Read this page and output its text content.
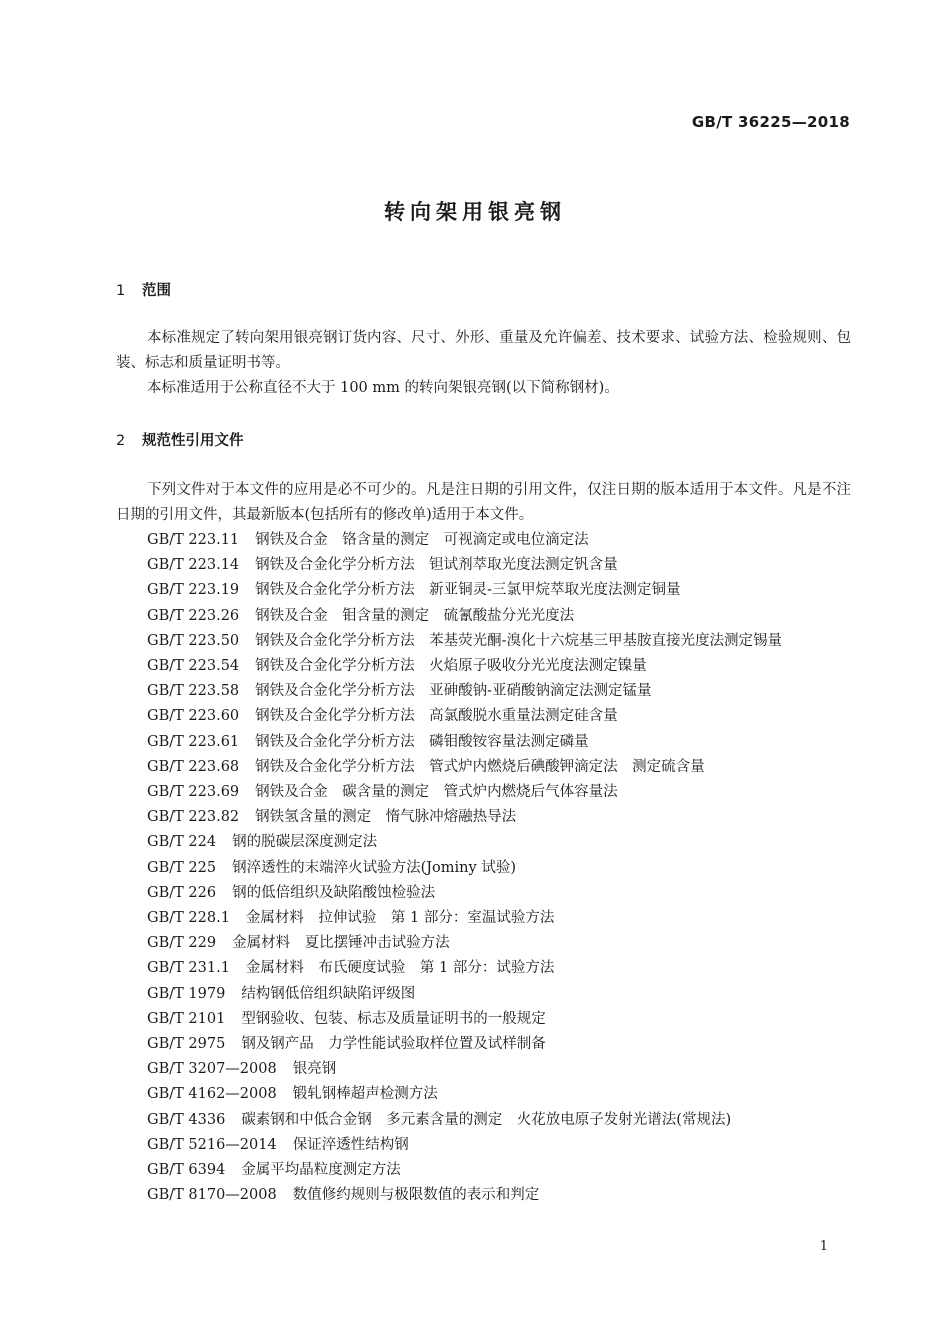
GB/T 36225—2018
转向架用银亮钢
1 范围

本标准规定了转向架用银亮钢订货内容、尺寸、外形、重量及允许偏差、技术要求、试验方法、检验规则、包装、标志和质量证明书等。

本标准适用于公称直径不大于 100 mm 的转向架银亮钢(以下简称钢材)。

2 规范性引用文件

下列文件对于本文件的应用是必不可少的。凡是注日期的引用文件，仅注日期的版本适用于本文件。凡是不注日期的引用文件，其最新版本(包括所有的修改单)适用于本文件。

GB/T 223.11 钢铁及合金　铬含量的测定　可视滴定或电位滴定法
GB/T 223.14 钢铁及合金化学分析方法　钽试剂萃取光度法测定钒含量
GB/T 223.19 钢铁及合金化学分析方法　新亚铜灵-三氯甲烷萃取光度法测定铜量
GB/T 223.26 钢铁及合金　钼含量的测定　硫氰酸盐分光光度法
GB/T 223.50 钢铁及合金化学分析方法　苯基荧光酮-溴化十六烷基三甲基胺直接光度法测定锡量
GB/T 223.54 钢铁及合金化学分析方法　火焰原子吸收分光光度法测定镍量
GB/T 223.58 钢铁及合金化学分析方法　亚砷酸钠-亚硝酸钠滴定法测定锰量
GB/T 223.60 钢铁及合金化学分析方法　高氯酸脱水重量法测定硅含量
GB/T 223.61 钢铁及合金化学分析方法　磷钼酸铵容量法测定磷量
GB/T 223.68 钢铁及合金化学分析方法　管式炉内燃烧后碘酸钾滴定法　测定硫含量
GB/T 223.69 钢铁及合金　碳含量的测定　管式炉内燃烧后气体容量法
GB/T 223.82 钢铁氢含量的测定　惰气脉冲熔融热导法
GB/T 224 钢的脱碳层深度测定法
GB/T 225 钢淬透性的末端淬火试验方法(Jominy 试验)
GB/T 226 钢的低倍组织及缺陷酸蚀检验法
GB/T 228.1 金属材料　拉伸试验　第 1 部分：室温试验方法
GB/T 229 金属材料　夏比摆锤冲击试验方法
GB/T 231.1 金属材料　布氏硬度试验　第 1 部分：试验方法
GB/T 1979 结构钢低倍组织缺陷评级图
GB/T 2101 型钢验收、包装、标志及质量证明书的一般规定
GB/T 2975 钢及钢产品　力学性能试验取样位置及试样制备
GB/T 3207—2008 银亮钢
GB/T 4162—2008 锻轧钢棒超声检测方法
GB/T 4336 碳素钢和中低合金钢　多元素含量的测定　火花放电原子发射光谱法(常规法)
GB/T 5216—2014 保证淬透性结构钢
GB/T 6394 金属平均晶粒度测定方法
GB/T 8170—2008 数值修约规则与极限数值的表示和判定
1
